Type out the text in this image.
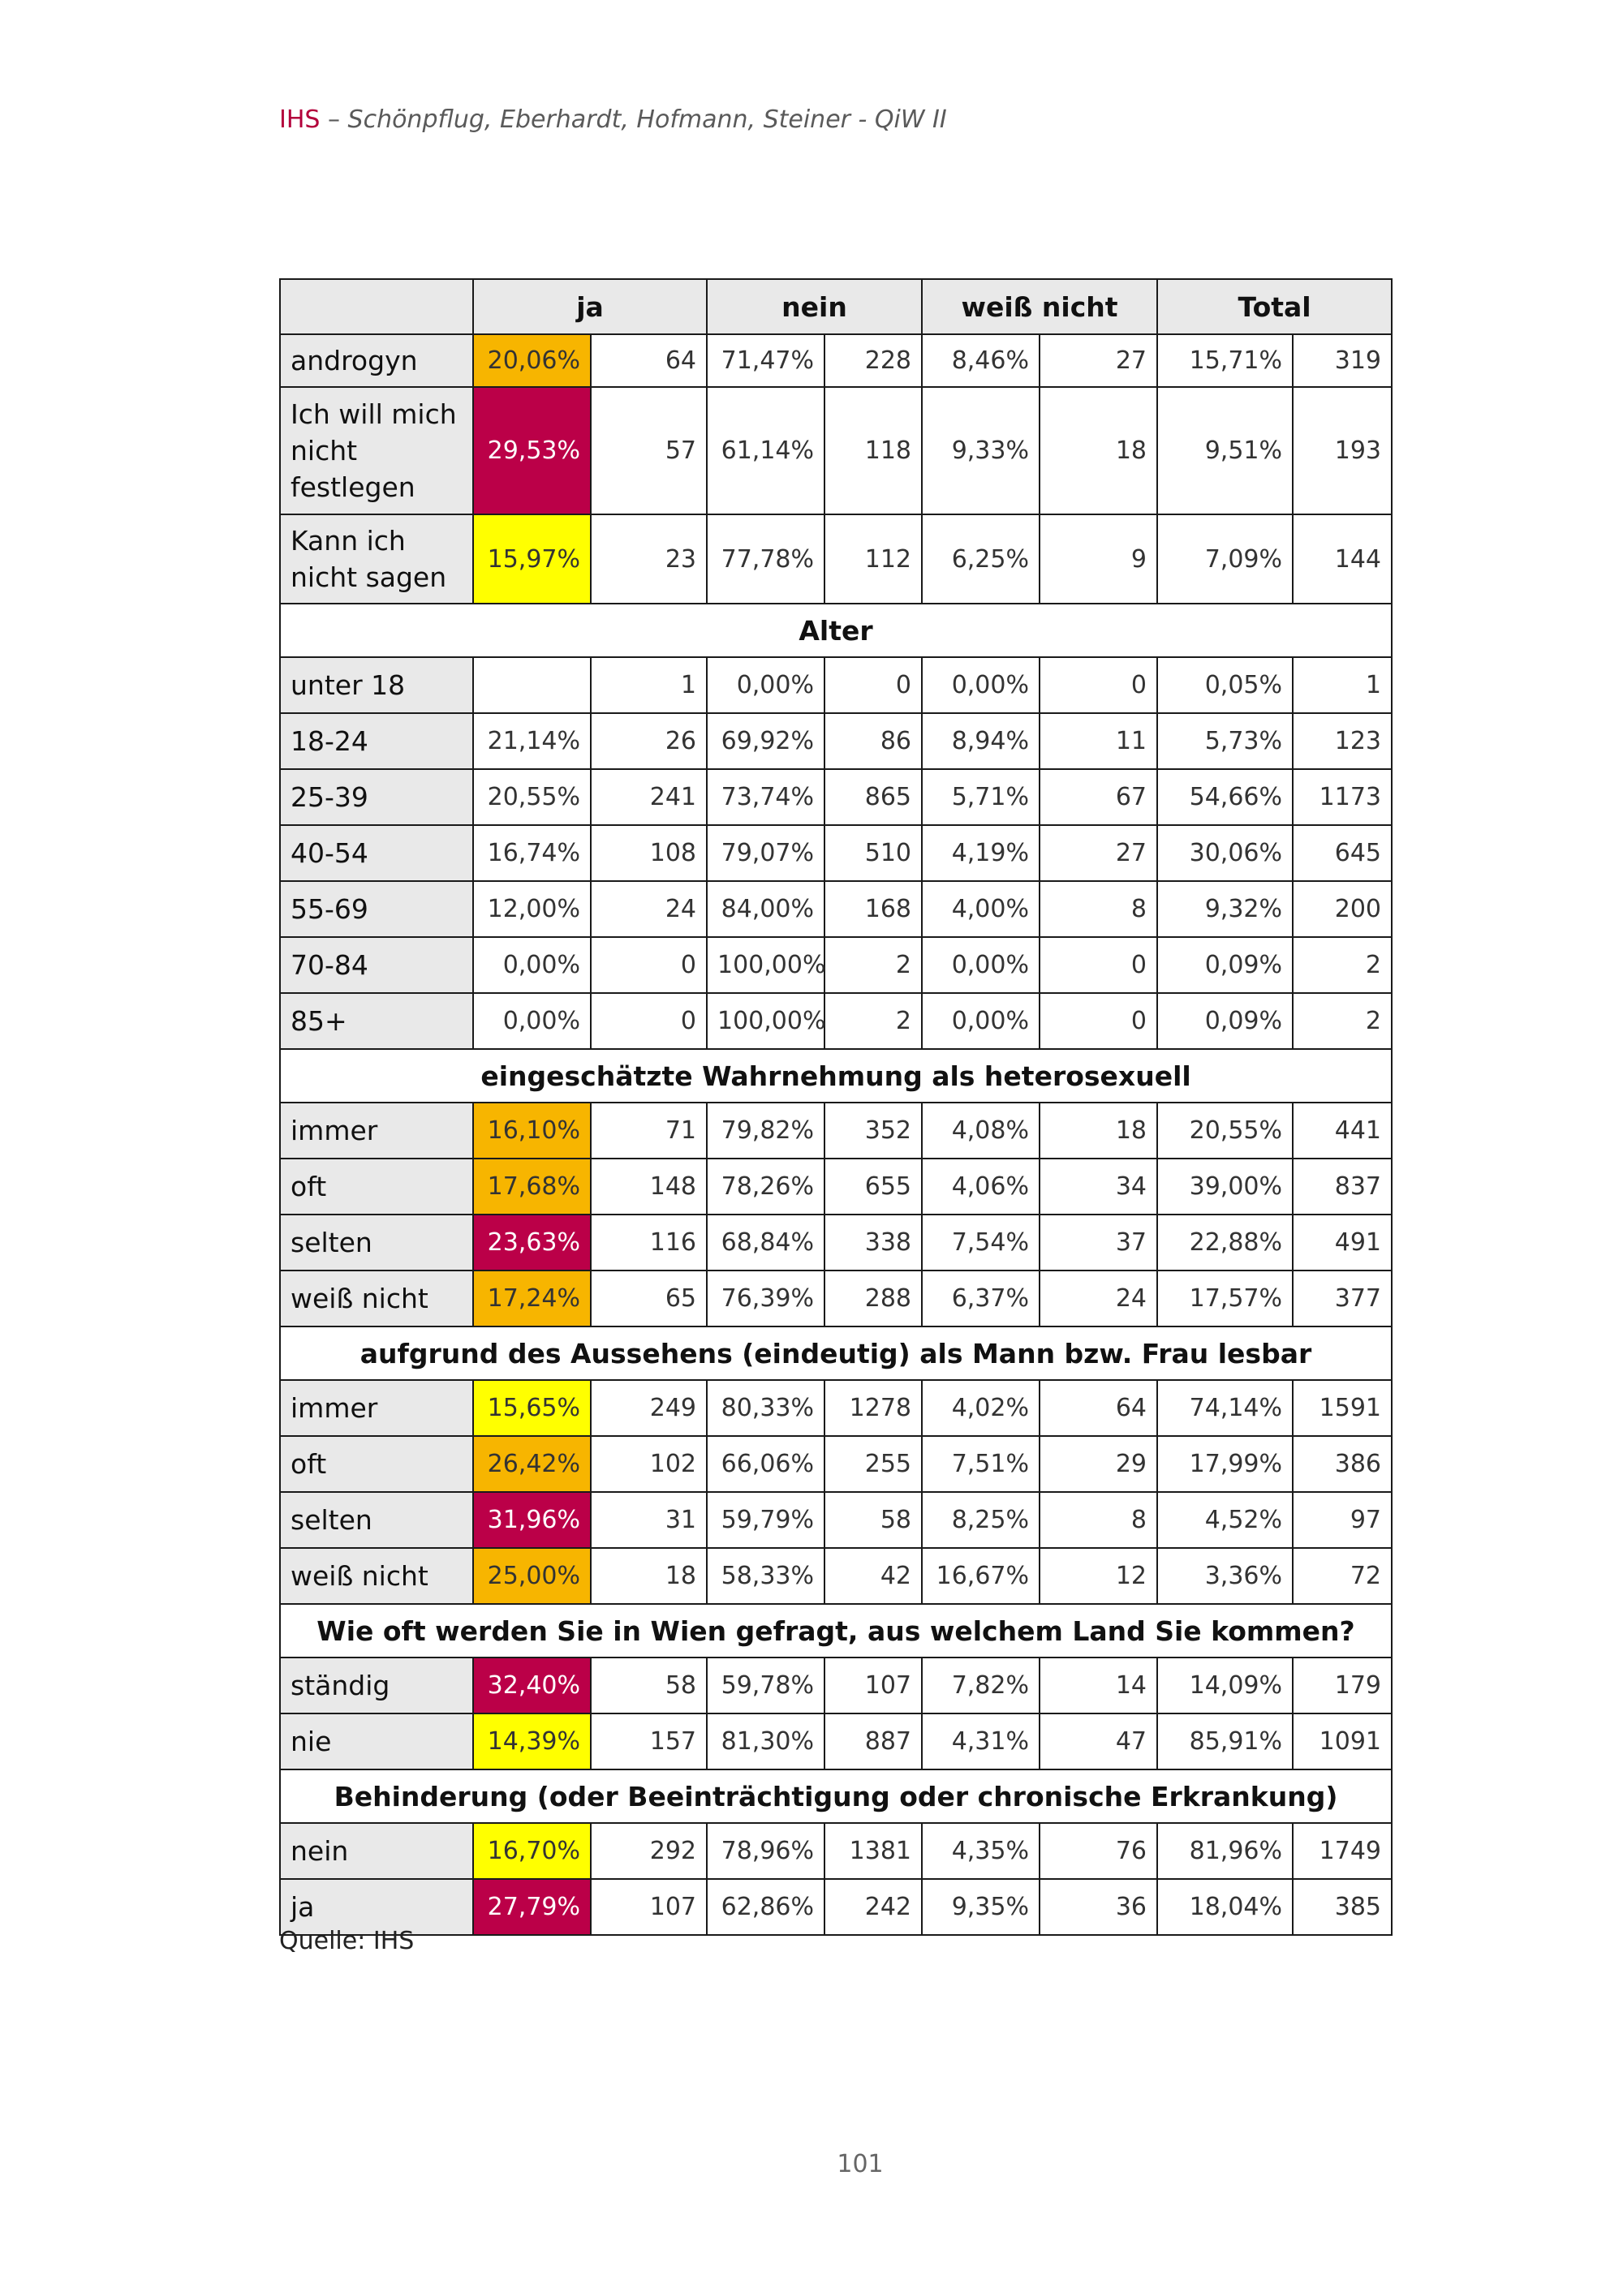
IHS – Schönpflug, Eberhardt, Hofmann, Steiner - QiW II
	ja		nein		weiß nicht		Total	
androgyn	20,06%	64	71,47%	228	8,46%	27	15,71%	319
Ich will mich nicht festlegen	29,53%	57	61,14%	118	9,33%	18	9,51%	193
Kann ich nicht sagen	15,97%	23	77,78%	112	6,25%	9	7,09%	144
Alter								
unter 18		1	0,00%	0	0,00%	0	0,05%	1
18-24	21,14%	26	69,92%	86	8,94%	11	5,73%	123
25-39	20,55%	241	73,74%	865	5,71%	67	54,66%	1173
40-54	16,74%	108	79,07%	510	4,19%	27	30,06%	645
55-69	12,00%	24	84,00%	168	4,00%	8	9,32%	200
70-84	0,00%	0	100,00%	2	0,00%	0	0,09%	2
85+	0,00%	0	100,00%	2	0,00%	0	0,09%	2
eingeschätzte Wahrnehmung als heterosexuell								
immer	16,10%	71	79,82%	352	4,08%	18	20,55%	441
oft	17,68%	148	78,26%	655	4,06%	34	39,00%	837
selten	23,63%	116	68,84%	338	7,54%	37	22,88%	491
weiß nicht	17,24%	65	76,39%	288	6,37%	24	17,57%	377
aufgrund des Aussehens (eindeutig) als Mann bzw. Frau lesbar								
immer	15,65%	249	80,33%	1278	4,02%	64	74,14%	1591
oft	26,42%	102	66,06%	255	7,51%	29	17,99%	386
selten	31,96%	31	59,79%	58	8,25%	8	4,52%	97
weiß nicht	25,00%	18	58,33%	42	16,67%	12	3,36%	72
Wie oft werden Sie in Wien gefragt, aus welchem Land Sie kommen?								
ständig	32,40%	58	59,78%	107	7,82%	14	14,09%	179
nie	14,39%	157	81,30%	887	4,31%	47	85,91%	1091
Behinderung (oder Beeinträchtigung oder chronische Erkrankung)								
nein	16,70%	292	78,96%	1381	4,35%	76	81,96%	1749
ja	27,79%	107	62,86%	242	9,35%	36	18,04%	385
Quelle: IHS
101
